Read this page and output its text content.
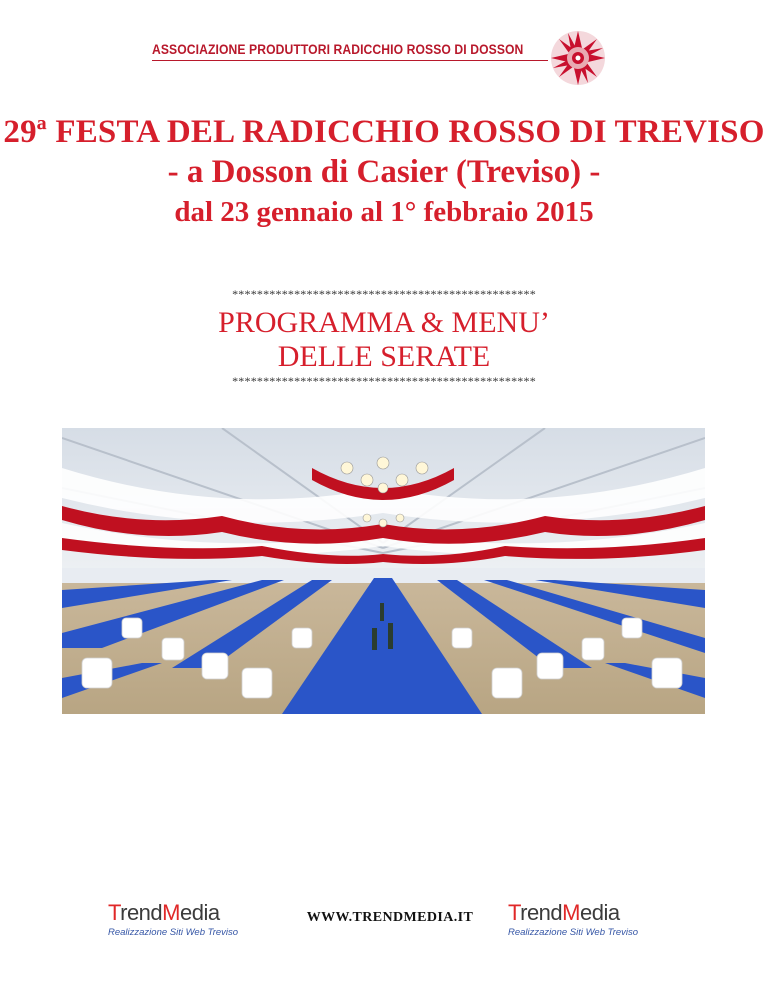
ASSOCIAZIONE PRODUTTORI RADICCHIO ROSSO DI DOSSON
29ª FESTA DEL RADICCHIO ROSSO DI TREVISO
- a Dosson di Casier (Treviso) -
dal 23 gennaio al 1° febbraio 2015
*************************************************
PROGRAMMA & MENU’
DELLE SERATE
*************************************************
TrendMedia
Realizzazione Siti Web Treviso
TrendMedia
Realizzazione Siti Web Treviso
WWW.TRENDMEDIA.IT
